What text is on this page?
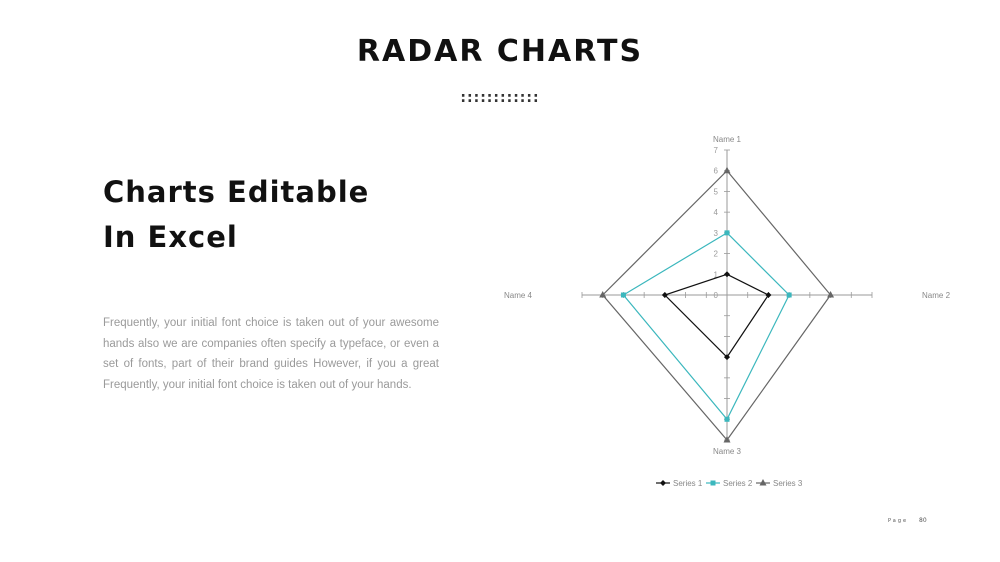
RADAR CHARTS
::::::::::::
Charts Editable
In Excel
Frequently, your initial font choice is taken out of your awesome hands also we are companies often specify a typeface, or even a set of fonts, part of their brand guides However, if you a great Frequently, your initial font choice is taken out of your hands.
0
1
2
3
4
5
6
7
Name 1
Name 2
Name 3
Name 4
Series 1	Series 2	Series 3
Page 80
